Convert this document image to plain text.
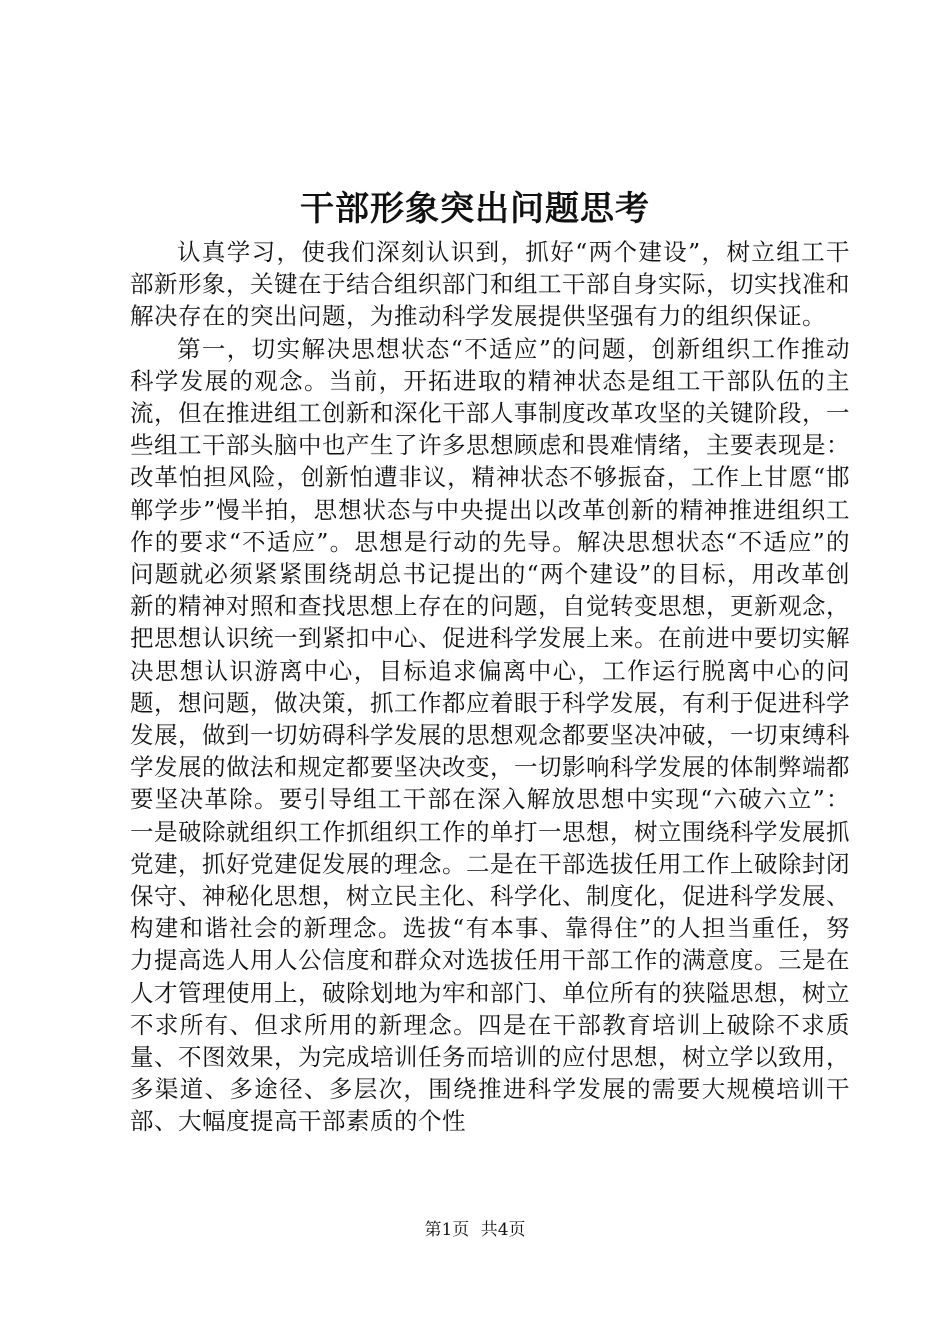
干部形象突出问题思考

认真学习，使我们深刻认识到，抓好“两个建设”，树立组工干部新形象，关键在于结合组织部门和组工干部自身实际，切实找准和解决存在的突出问题，为推动科学发展提供坚强有力的组织保证。

第一，切实解决思想状态“不适应”的问题，创新组织工作推动科学发展的观念。当前，开拓进取的精神状态是组工干部队伍的主流，但在推进组工创新和深化干部人事制度改革攻坚的关键阶段，一些组工干部头脑中也产生了许多思想顾虑和畏难情绪，主要表现是：改革怕担风险，创新怕遭非议，精神状态不够振奋，工作上甘愿“邯郸学步”慢半拍，思想状态与中央提出以改革创新的精神推进组织工作的要求“不适应”。思想是行动的先导。解决思想状态“不适应”的问题就必须紧紧围绕胡总书记提出的“两个建设”的目标，用改革创新的精神对照和查找思想上存在的问题，自觉转变思想，更新观念，把思想认识统一到紧扣中心、促进科学发展上来。在前进中要切实解决思想认识游离中心，目标追求偏离中心，工作运行脱离中心的问题，想问题，做决策，抓工作都应着眼于科学发展，有利于促进科学发展，做到一切妨碍科学发展的思想观念都要坚决冲破，一切束缚科学发展的做法和规定都要坚决改变，一切影响科学发展的体制弊端都要坚决革除。要引导组工干部在深入解放思想中实现“六破六立”：一是破除就组织工作抓组织工作的单打一思想，树立围绕科学发展抓党建，抓好党建促发展的理念。二是在干部选拔任用工作上破除封闭保守、神秘化思想，树立民主化、科学化、制度化，促进科学发展、构建和谐社会的新理念。选拔“有本事、靠得住”的人担当重任，努力提高选人用人公信度和群众对选拔任用干部工作的满意度。三是在人才管理使用上，破除划地为牢和部门、单位所有的狭隘思想，树立不求所有、但求所用的新理念。四是在干部教育培训上破除不求质量、不图效果，为完成培训任务而培训的应付思想，树立学以致用，多渠道、多途径、多层次，围绕推进科学发展的需要大规模培训干部、大幅度提高干部素质的个性

第1页 共4页
